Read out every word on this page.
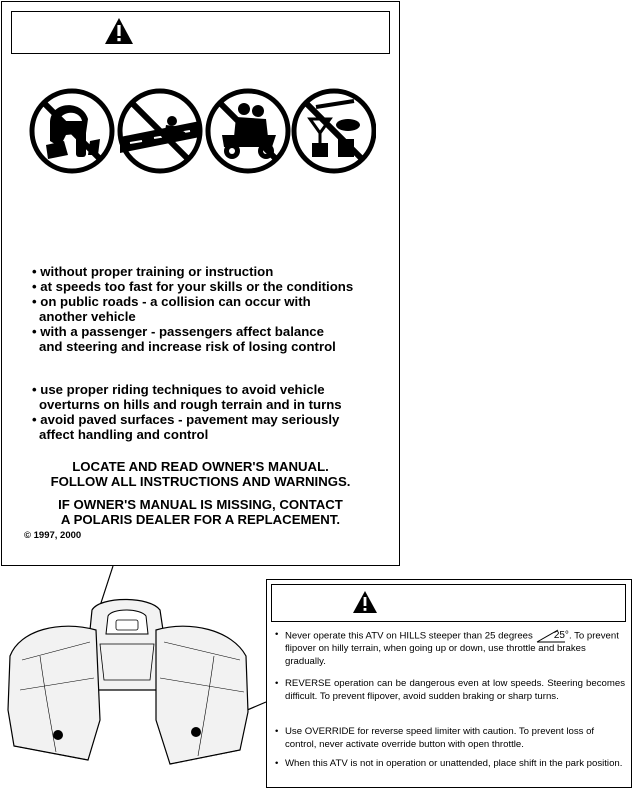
• without proper training or instruction
• at speeds too fast for your skills or the conditions
• on public roads - a collision can occur with
another vehicle
• with a passenger - passengers affect balance
and steering and increase risk of losing control
• use proper riding techniques to avoid vehicle
overturns on hills and rough terrain and in turns
• avoid paved surfaces - pavement may seriously
affect handling and control
LOCATE AND READ OWNER'S MANUAL.
FOLLOW ALL INSTRUCTIONS AND WARNINGS.
IF OWNER'S MANUAL IS MISSING, CONTACT
A POLARIS DEALER FOR A REPLACEMENT.
© 1997, 2000
• Never operate this ATV on HILLS steeper than 25 degrees 25°. To prevent flipover on hilly terrain, when going up or down, use throttle and brakes gradually.
• REVERSE operation can be dangerous even at low speeds. Steering becomes difficult. To prevent flipover, avoid sudden braking or sharp turns.
• Use OVERRIDE for reverse speed limiter with caution. To prevent loss of control, never activate override button with open throttle.
• When this ATV is not in operation or unattended, place shift in the park position.
